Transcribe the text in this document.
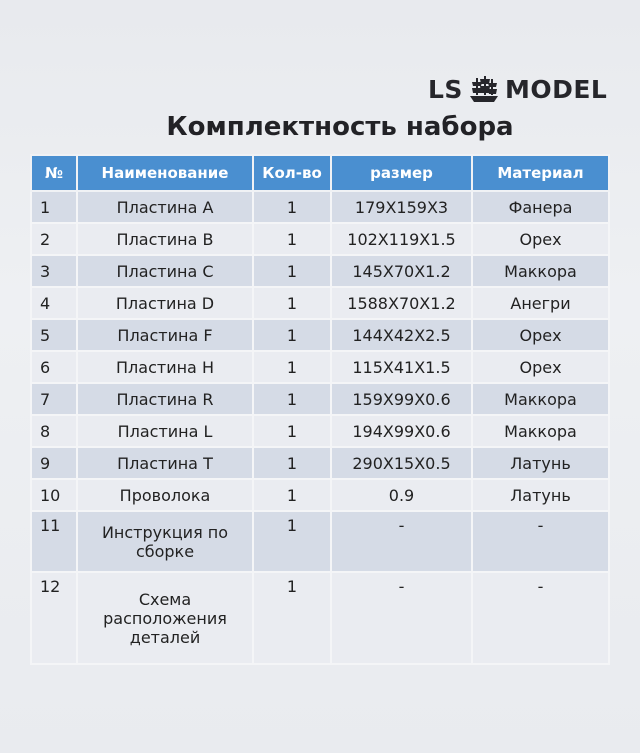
LS MODEL
Комплектность набора
№	Наименование	Кол-во	размер	Материал
1	Пластина А	1	179X159X3	Фанера
2	Пластина В	1	102X119X1.5	Орех
3	Пластина С	1	145X70X1.2	Маккора
4	Пластина D	1	1588X70X1.2	Анегри
5	Пластина F	1	144X42X2.5	Орех
6	Пластина Н	1	115X41X1.5	Орех
7	Пластина R	1	159X99X0.6	Маккора
8	Пластина L	1	194X99X0.6	Маккора
9	Пластина Т	1	290X15X0.5	Латунь
10	Проволока	1	0.9	Латунь
11	Инструкция по сборке	1	-	-
12	Схема расположения деталей	1	-	-
